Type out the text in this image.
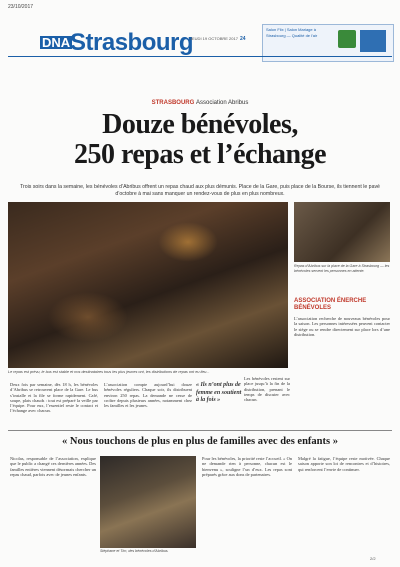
23/10/2017
DNA Strasbourg
JEUDI 19 OCTOBRE 2017 24
Salon Flix | Salon Mariage à Strasbourg — Qualité de l'air
STRASBOURG Association Abribus
Douze bénévoles,
250 repas et l’échange
Trois soirs dans la semaine, les bénévoles d’Abribus offrent un repas chaud aux plus démunis. Place de la Gare, puis place de la Bourse, ils tiennent le pavé d’octobre à mai sans manquer un rendez-vous de plus en plus nombreux.
Le repas est prévu, le bus est stable et nos destinataires tous les plus jeunes ont, les distributions de repas ont eu lieu...
Repas d’Abribus sur la place de la Gare à Strasbourg — les bénévoles servent les personnes en attente.
ASSOCIATION ÉNERCHE BÉNÉVOLES
L’association recherche de nouveaux bénévoles pour la saison. Les personnes intéressées peuvent contacter le siège ou se rendre directement sur place lors d’une distribution.
Deux fois par semaine, dès 18 h, les bénévoles d’Abribus se retrouvent place de la Gare. Le bus s’installe et la file se forme rapidement. Café, soupe, plats chauds : tout est préparé la veille par l’équipe. Pour eux, l’essentiel reste le contact et l’échange avec chacun.
L’association compte aujourd’hui douze bénévoles réguliers. Chaque soir, ils distribuent environ 250 repas. La demande ne cesse de croître depuis plusieurs années, notamment chez les familles et les jeunes.
« Ils n’ont plus de femme en soutient à la fois »
Les bénévoles restent sur place jusqu’à la fin de la distribution, prenant le temps de discuter avec chacun.
« Nous touchons de plus en plus de familles avec des enfants »
Nicolas, responsable de l’association, explique que le public a changé ces dernières années. Des familles entières viennent désormais chercher un repas chaud, parfois avec de jeunes enfants.
Stéphane et Tim, des bénévoles d’Abribus.
Pour les bénévoles, la priorité reste l’accueil. « On ne demande rien à personne, chacun est le bienvenu », souligne l’un d’eux. Les repas sont préparés grâce aux dons de partenaires.
Malgré la fatigue, l’équipe reste motivée. Chaque saison apporte son lot de rencontres et d’histoires, qui renforcent l’envie de continuer.
2/2
